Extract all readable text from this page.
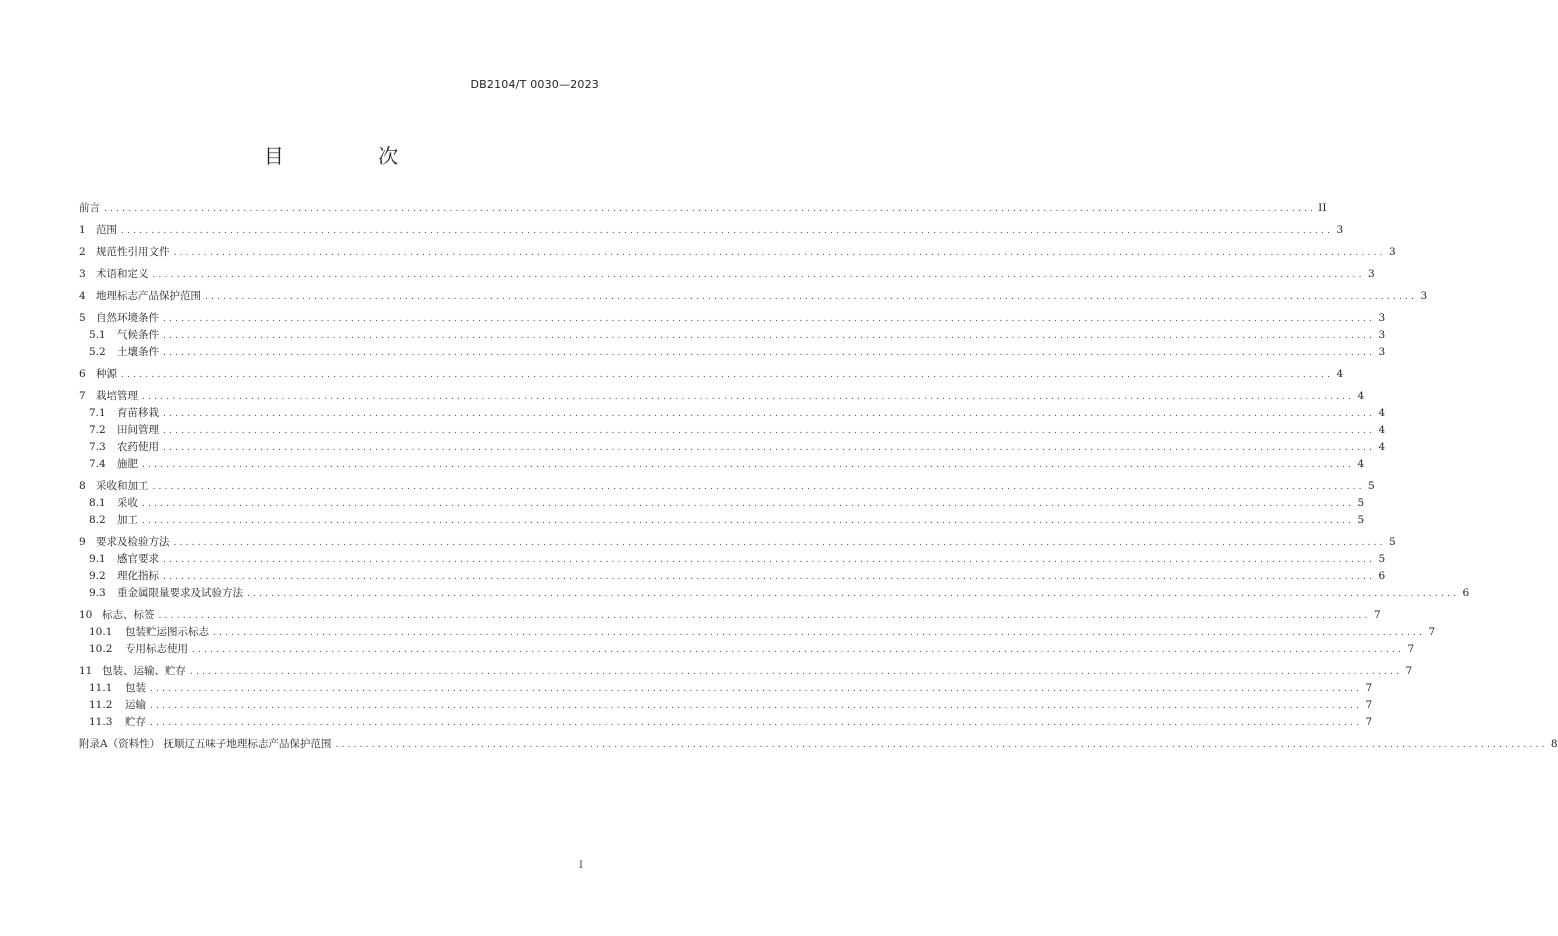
DB2104/T 0030—2023
目 次
前言 ........................................................................................................................................................................................................ II
1 范围 ........................................................................................................................................................................................................ 3
2 规范性引用文件 ........................................................................................................................................................................................................ 3
3 术语和定义 ........................................................................................................................................................................................................ 3
4 地理标志产品保护范围 ........................................................................................................................................................................................................ 3
5 自然环境条件 ........................................................................................................................................................................................................ 3
5.1	气候条件 ........................................................................................................................................................................................................ 3
5.2	土壤条件 ........................................................................................................................................................................................................ 3
6 种源 ........................................................................................................................................................................................................ 4
7 栽培管理 ........................................................................................................................................................................................................ 4
7.1	育苗移栽 ........................................................................................................................................................................................................ 4
7.2	田间管理 ........................................................................................................................................................................................................ 4
7.3	农药使用 ........................................................................................................................................................................................................ 4
7.4	施肥 ........................................................................................................................................................................................................ 4
8 采收和加工 ........................................................................................................................................................................................................ 5
8.1	采收 ........................................................................................................................................................................................................ 5
8.2	加工 ........................................................................................................................................................................................................ 5
9 要求及检验方法 ........................................................................................................................................................................................................ 5
9.1	感官要求 ........................................................................................................................................................................................................ 5
9.2	理化指标 ........................................................................................................................................................................................................ 6
9.3	重金属限量要求及试验方法 ........................................................................................................................................................................................................ 6
10 标志、标签 ........................................................................................................................................................................................................ 7
10.1	包装贮运图示标志 ........................................................................................................................................................................................................ 7
10.2	专用标志使用 ........................................................................................................................................................................................................ 7
11 包装、运输、贮存 ........................................................................................................................................................................................................ 7
11.1	包装 ........................................................................................................................................................................................................ 7
11.2	运输 ........................................................................................................................................................................................................ 7
11.3	贮存 ........................................................................................................................................................................................................ 7
附录A（资料性） 抚顺辽五味子地理标志产品保护范围 ........................................................................................................................................................................................................ 8
I
